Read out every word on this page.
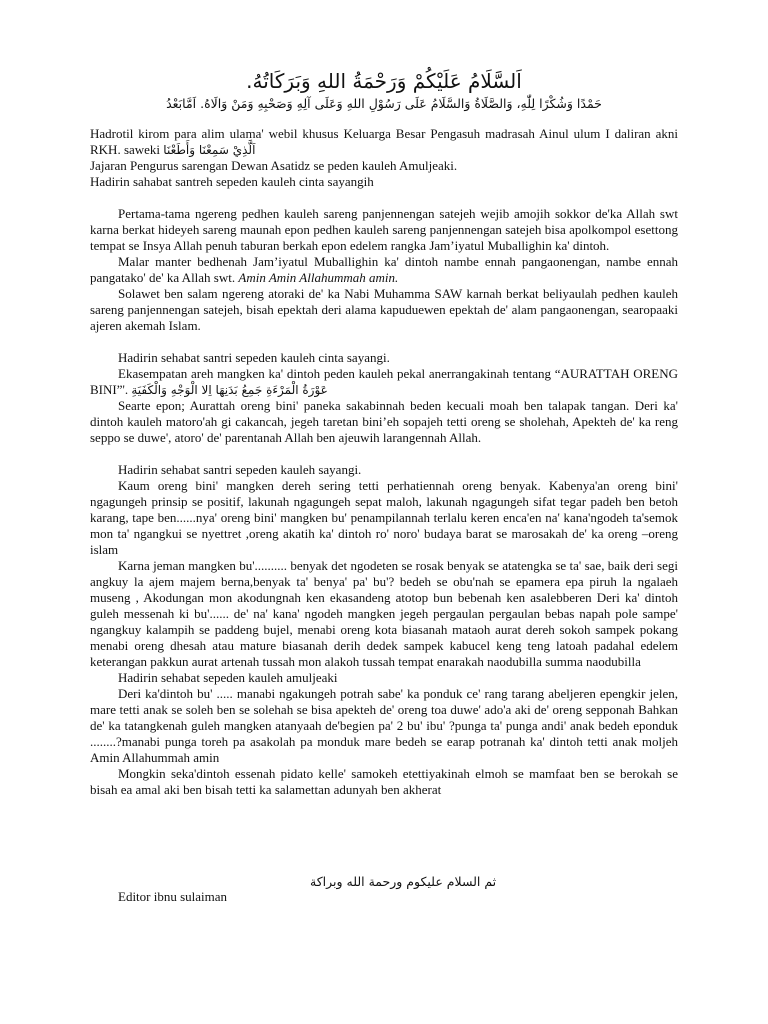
اَلسَّلَامُ عَلَيْكُمْ وَرَحْمَةُ اللهِ وَبَرَكَاتُهُ.
حَمْدًا وَشُكْرًا لِلّٰهِ، وَالصَّلَاةُ وَالسَّلَامُ عَلَى رَسُوْلِ اللهِ وَعَلَى آلِهِ وَصَحْبِهِ وَمَنْ وَالَاهُ. اَمَّابَعْدُ

Hadrotil kirom para alim ulama' webil khusus Keluarga Besar Pengasuh madrasah Ainul ulum I daliran akni RKH. saweki اَلَّذِيْ سَمِعْنَا وَأَطَعْنَا

Jajaran Pengurus sarengan Dewan Asatidz se peden kauleh Amuljeaki.

Hadirin sahabat santreh sepeden kauleh cinta sayangih

Pertama-tama ngereng pedhen kauleh sareng panjennengan satejeh wejib amojih sokkor de'ka Allah swt karna berkat hideyeh sareng maunah epon pedhen kauleh sareng panjennengan satejeh bisa apolkompol esettong tempat se Insya Allah penuh taburan berkah epon edelem rangka Jam’iyatul Muballighin ka' dintoh.

Malar manter bedhenah Jam’iyatul Muballighin ka' dintoh nambe ennah pangaonengan, nambe ennah pangatako' de' ka Allah swt. Amin Amin Allahummah amin.

Solawet ben salam ngereng atoraki de' ka Nabi Muhamma SAW karnah berkat beliyaulah pedhen kauleh sareng panjennengan satejeh, bisah epektah deri alama kapuduewen epektah de' alam pangaonengan, searopaaki ajeren akemah Islam.

Hadirin sehabat santri sepeden kauleh cinta sayangi.

Ekasempatan areh mangken ka' dintoh peden kauleh pekal anerrangakinah tentang “AURATTAH ORENG BINI”'. عَوْرَةُ الْمَرْءَةِ جَمِعُ بَدَنِهَا اِلا الْوَجْهِ وَالْكَفَيَةِ

Searte epon; Aurattah oreng bini' paneka sakabinnah beden kecuali moah ben talapak tangan. Deri ka' dintoh kauleh matoro'ah gi cakancah, jegeh taretan bini’eh sopajeh tetti oreng se sholehah, Apekteh de' ka reng seppo se duwe', atoro' de' parentanah Allah ben ajeuwih larangennah Allah.

Hadirin sehabat santri sepeden kauleh sayangi.

Kaum oreng bini' mangken dereh sering tetti perhatiennah oreng benyak. Kabenya'an oreng bini' ngagungeh prinsip se positif, lakunah ngagungeh sepat maloh, lakunah ngagungeh sifat tegar padeh ben betoh karang, tape ben......nya' oreng bini' mangken bu' penampilannah terlalu keren enca'en na' kana'ngodeh ta'semok mon ta' ngangkui se nyettret ,oreng akatih ka' dintoh ro' noro' budaya barat se marosakah de' ka oreng –oreng islam

Karna jeman mangken bu'.......... benyak det ngodeten se rosak benyak se atatengka se ta' sae, baik deri segi angkuy la ajem majem berna,benyak ta' benya' pa' bu'? bedeh se obu'nah se epamera epa piruh la ngalaeh museng , Akodungan mon akodungnah ken ekasandeng atotop bun bebenah ken asalebberen Deri ka' dintoh guleh messenah ki bu'...... de' na' kana' ngodeh mangken jegeh pergaulan pergaulan bebas napah pole sampe' ngangkuy kalampih se paddeng bujel, menabi oreng kota biasanah mataoh aurat dereh sokoh sampek pokang menabi oreng dhesah atau mature biasanah derih dedek sampek kabucel keng teng latoah padahal edelem keterangan pakkun aurat artenah tussah mon alakoh tussah tempat enarakah naodubilla summa naodubilla

Hadirin sehabat sepeden kauleh amuljeaki

Deri ka'dintoh bu' ..... manabi ngakungeh potrah sabe' ka ponduk ce' rang tarang abeljeren epengkir jelen, mare tetti anak se soleh ben se solehah se bisa apekteh de' oreng toa duwe' ado'a aki de' oreng sepponah Bahkan de' ka tatangkenah guleh mangken atanyaah de'begien pa' 2 bu' ibu' ?punga ta' punga andi' anak bedeh eponduk ........?manabi punga toreh pa asakolah pa monduk mare bedeh se earap potranah ka' dintoh tetti anak moljeh Amin Allahummah amin

Mongkin seka'dintoh essenah pidato kelle' samokeh etettiyakinah elmoh se mamfaat ben se berokah se bisah ea amal aki ben bisah tetti ka salamettan adunyah ben akherat

ثم السلام عليكوم ورحمة الله وبراكة
Editor ibnu sulaiman
